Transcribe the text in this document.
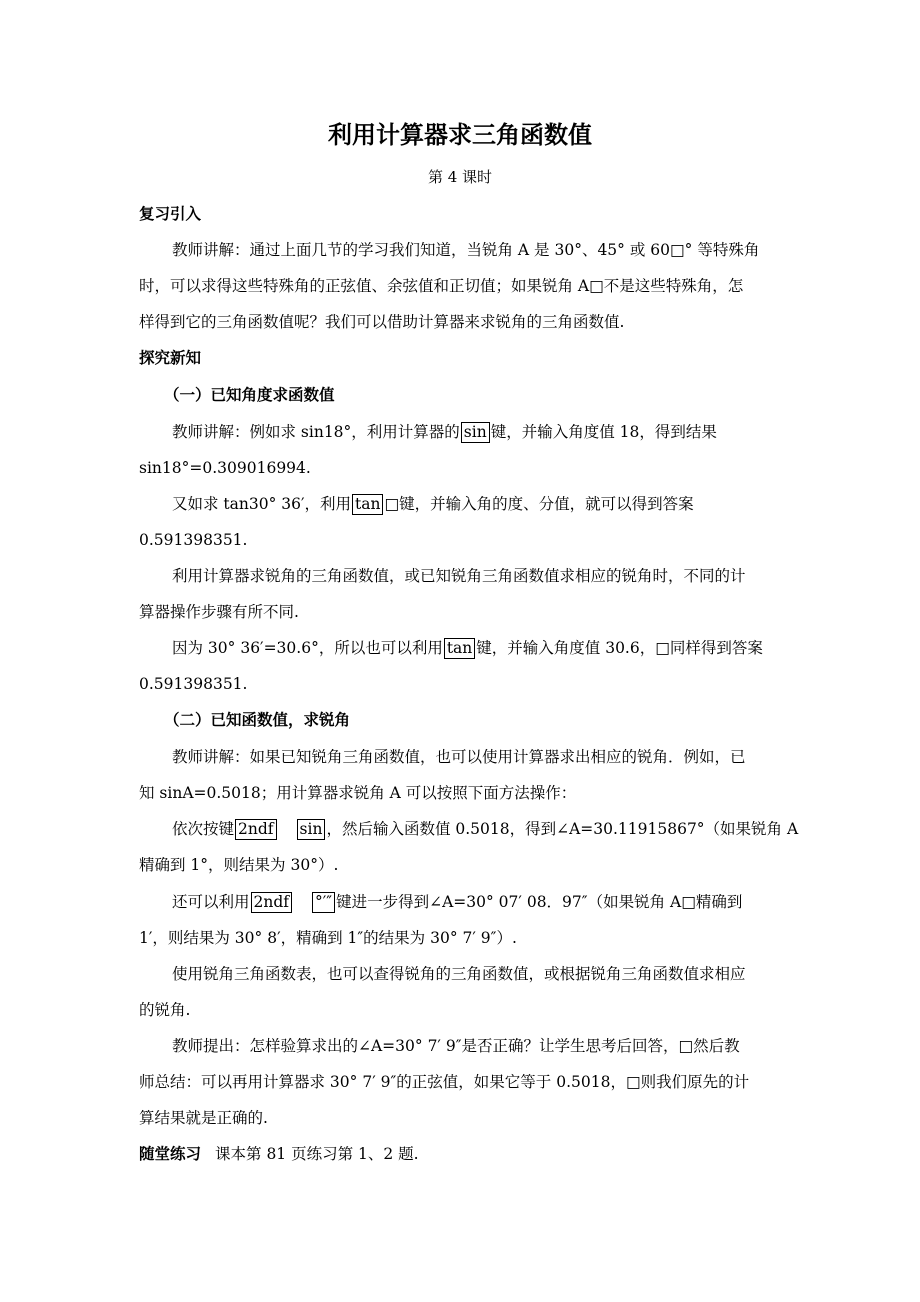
利用计算器求三角函数值
第 4 课时
复习引入
教师讲解：通过上面几节的学习我们知道，当锐角 A 是 30°、45° 或 60□° 等特殊角
时，可以求得这些特殊角的正弦值、余弦值和正切值；如果锐角 A□不是这些特殊角，怎
样得到它的三角函数值呢？我们可以借助计算器来求锐角的三角函数值.
探究新知
（一）已知角度求函数值
教师讲解：例如求 sin18°，利用计算器的 sin 键，并输入角度值 18，得到结果
sin18°=0.309016994.
又如求 tan30° 36′，利用 tan □键，并输入角的度、分值，就可以得到答案
0.591398351.
利用计算器求锐角的三角函数值，或已知锐角三角函数值求相应的锐角时，不同的计
算器操作步骤有所不同.
因为 30° 36′=30.6°，所以也可以利用 tan 键，并输入角度值 30.6，□同样得到答案
0.591398351.
（二）已知函数值，求锐角
教师讲解：如果已知锐角三角函数值，也可以使用计算器求出相应的锐角．例如，已
知 sinA=0.5018；用计算器求锐角 A 可以按照下面方法操作：
依次按键 2ndf sin ，然后输入函数值 0.5018，得到∠A=30.11915867°（如果锐角 A
精确到 1°，则结果为 30°）.
还可以利用 2ndf °′″ 键进一步得到∠A=30° 07′ 08．97″（如果锐角 A□精确到
1′，则结果为 30° 8′，精确到 1″的结果为 30° 7′ 9″）.
使用锐角三角函数表，也可以查得锐角的三角函数值，或根据锐角三角函数值求相应
的锐角.
教师提出：怎样验算求出的∠A=30° 7′ 9″是否正确？让学生思考后回答，□然后教
师总结：可以再用计算器求 30° 7′ 9″的正弦值，如果它等于 0.5018，□则我们原先的计
算结果就是正确的.
随堂练习 课本第 81 页练习第 1、2 题.
